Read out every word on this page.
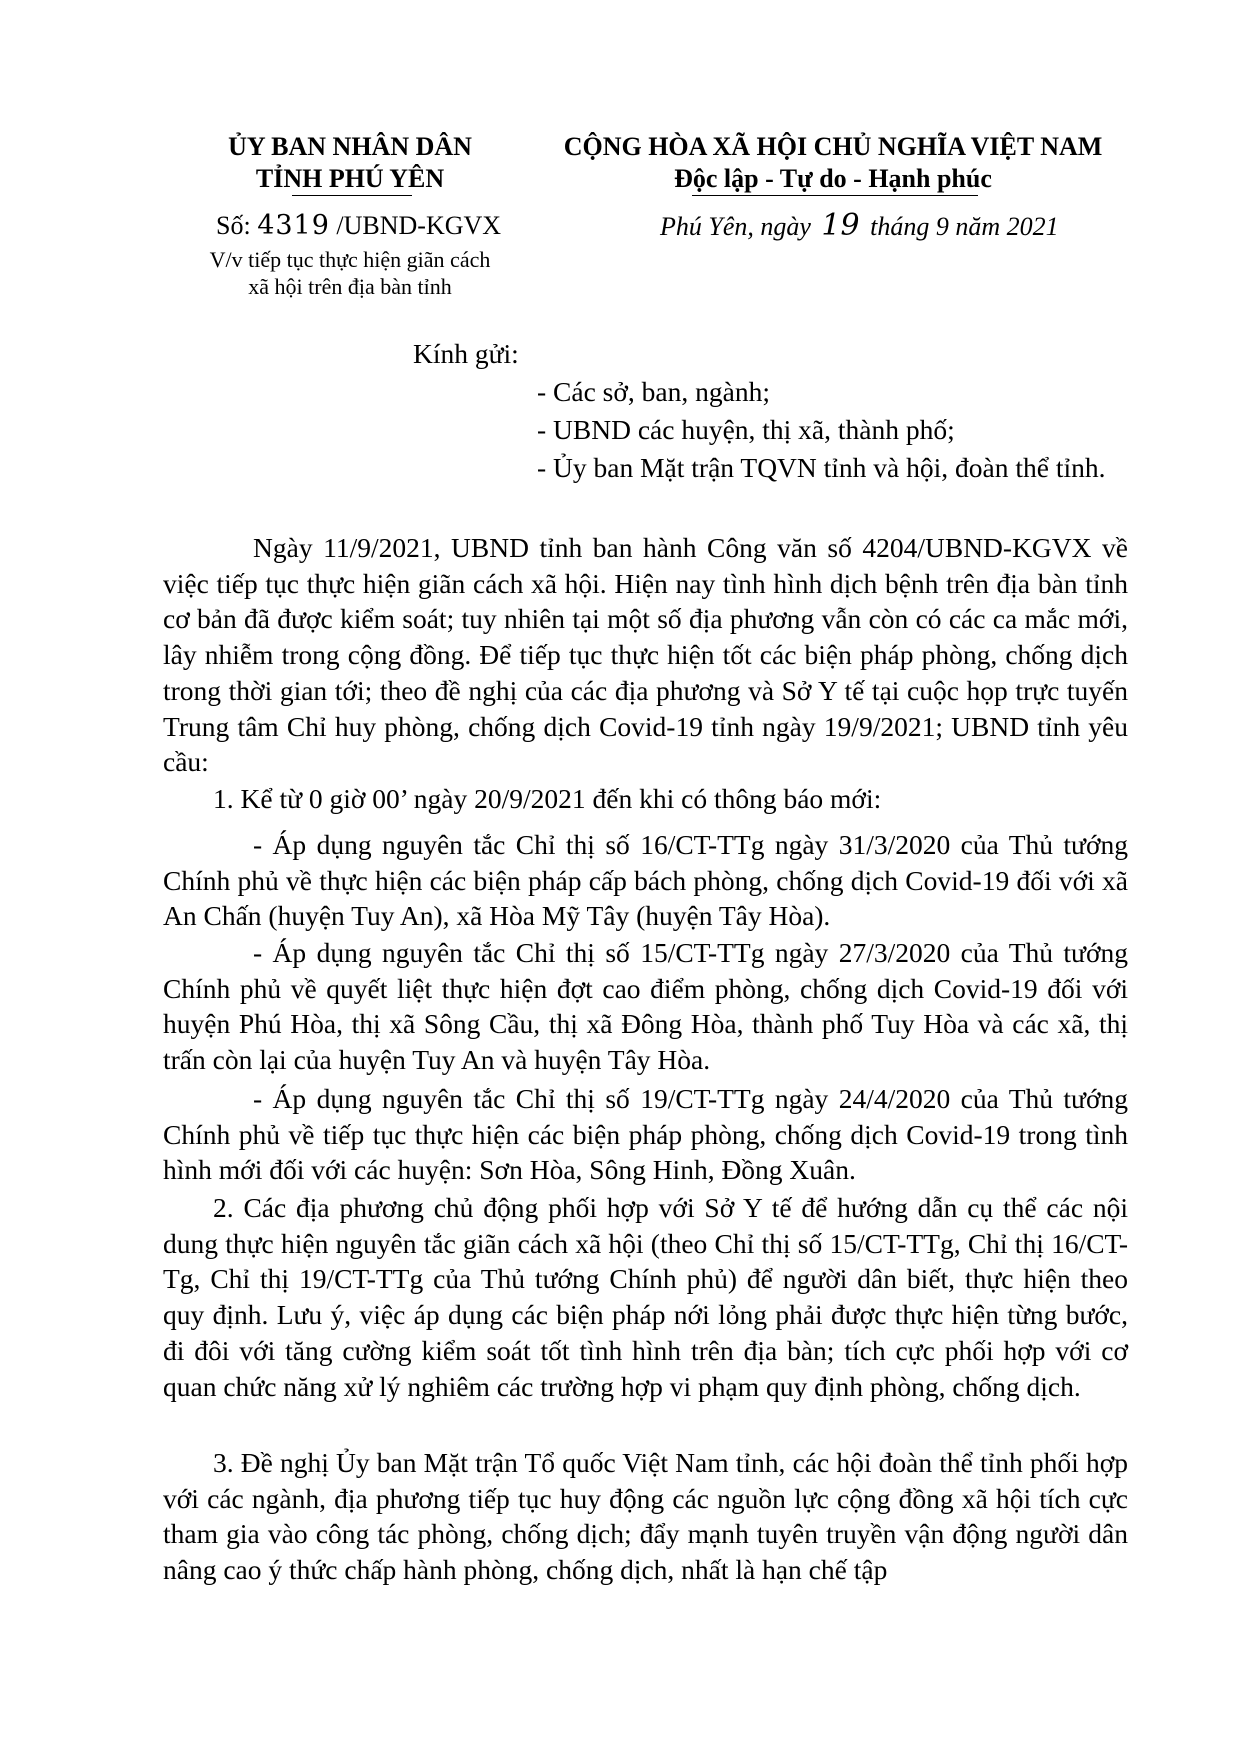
ỦY BAN NHÂN DÂN
TỈNH PHÚ YÊN
CỘNG HÒA XÃ HỘI CHỦ NGHĨA VIỆT NAM
Độc lập - Tự do - Hạnh phúc
Số: 4319 /UBND-KGVX
V/v tiếp tục thực hiện giãn cách
xã hội trên địa bàn tỉnh
Phú Yên, ngày 19 tháng 9 năm 2021
Kính gửi:
- Các sở, ban, ngành;
- UBND các huyện, thị xã, thành phố;
- Ủy ban Mặt trận TQVN tỉnh và hội, đoàn thể tỉnh.

Ngày 11/9/2021, UBND tỉnh ban hành Công văn số 4204/UBND-KGVX về việc tiếp tục thực hiện giãn cách xã hội. Hiện nay tình hình dịch bệnh trên địa bàn tỉnh cơ bản đã được kiểm soát; tuy nhiên tại một số địa phương vẫn còn có các ca mắc mới, lây nhiễm trong cộng đồng. Để tiếp tục thực hiện tốt các biện pháp phòng, chống dịch trong thời gian tới; theo đề nghị của các địa phương và Sở Y tế tại cuộc họp trực tuyến Trung tâm Chỉ huy phòng, chống dịch Covid-19 tỉnh ngày 19/9/2021; UBND tỉnh yêu cầu:

1. Kể từ 0 giờ 00’ ngày 20/9/2021 đến khi có thông báo mới:

- Áp dụng nguyên tắc Chỉ thị số 16/CT-TTg ngày 31/3/2020 của Thủ tướng Chính phủ về thực hiện các biện pháp cấp bách phòng, chống dịch Covid-19 đối với xã An Chấn (huyện Tuy An), xã Hòa Mỹ Tây (huyện Tây Hòa).

- Áp dụng nguyên tắc Chỉ thị số 15/CT-TTg ngày 27/3/2020 của Thủ tướng Chính phủ về quyết liệt thực hiện đợt cao điểm phòng, chống dịch Covid-19 đối với huyện Phú Hòa, thị xã Sông Cầu, thị xã Đông Hòa, thành phố Tuy Hòa và các xã, thị trấn còn lại của huyện Tuy An và huyện Tây Hòa.

- Áp dụng nguyên tắc Chỉ thị số 19/CT-TTg ngày 24/4/2020 của Thủ tướng Chính phủ về tiếp tục thực hiện các biện pháp phòng, chống dịch Covid-19 trong tình hình mới đối với các huyện: Sơn Hòa, Sông Hinh, Đồng Xuân.

2. Các địa phương chủ động phối hợp với Sở Y tế để hướng dẫn cụ thể các nội dung thực hiện nguyên tắc giãn cách xã hội (theo Chỉ thị số 15/CT-TTg, Chỉ thị 16/CT-Tg, Chỉ thị 19/CT-TTg của Thủ tướng Chính phủ) để người dân biết, thực hiện theo quy định. Lưu ý, việc áp dụng các biện pháp nới lỏng phải được thực hiện từng bước, đi đôi với tăng cường kiểm soát tốt tình hình trên địa bàn; tích cực phối hợp với cơ quan chức năng xử lý nghiêm các trường hợp vi phạm quy định phòng, chống dịch.

3. Đề nghị Ủy ban Mặt trận Tổ quốc Việt Nam tỉnh, các hội đoàn thể tỉnh phối hợp với các ngành, địa phương tiếp tục huy động các nguồn lực cộng đồng xã hội tích cực tham gia vào công tác phòng, chống dịch; đẩy mạnh tuyên truyền vận động người dân nâng cao ý thức chấp hành phòng, chống dịch, nhất là hạn chế tập
